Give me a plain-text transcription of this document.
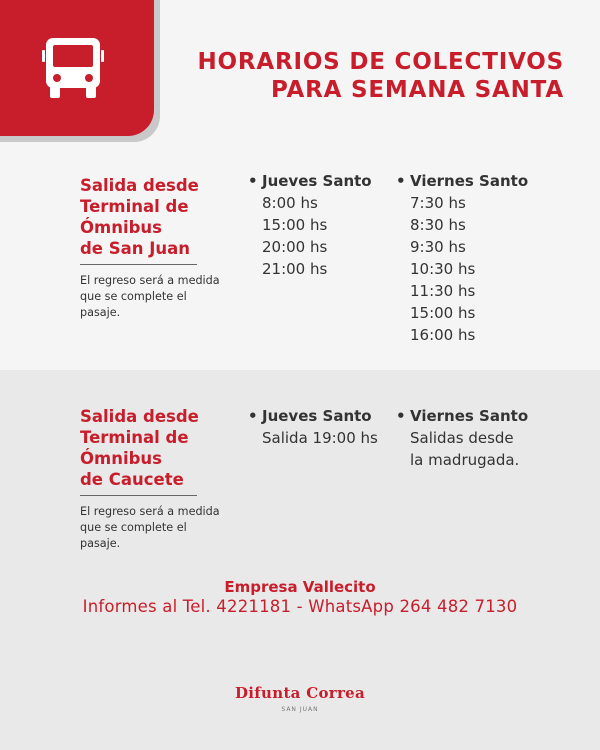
HORARIOS DE COLECTIVOS
PARA SEMANA SANTA
Salida desde
Terminal de
Ómnibus
de San Juan
El regreso será a medida
que se complete el pasaje.
• Jueves Santo
8:00 hs
15:00 hs
20:00 hs
21:00 hs
• Viernes Santo
7:30 hs
8:30 hs
9:30 hs
10:30 hs
11:30 hs
15:00 hs
16:00 hs
Salida desde
Terminal de
Ómnibus
de Caucete
El regreso será a medida
que se complete el pasaje.
• Jueves Santo
Salida 19:00 hs
• Viernes Santo
Salidas desde
la madrugada.
Empresa Vallecito
Informes al Tel. 4221181 - WhatsApp 264 482 7130
Difunta Correa
SAN JUAN
